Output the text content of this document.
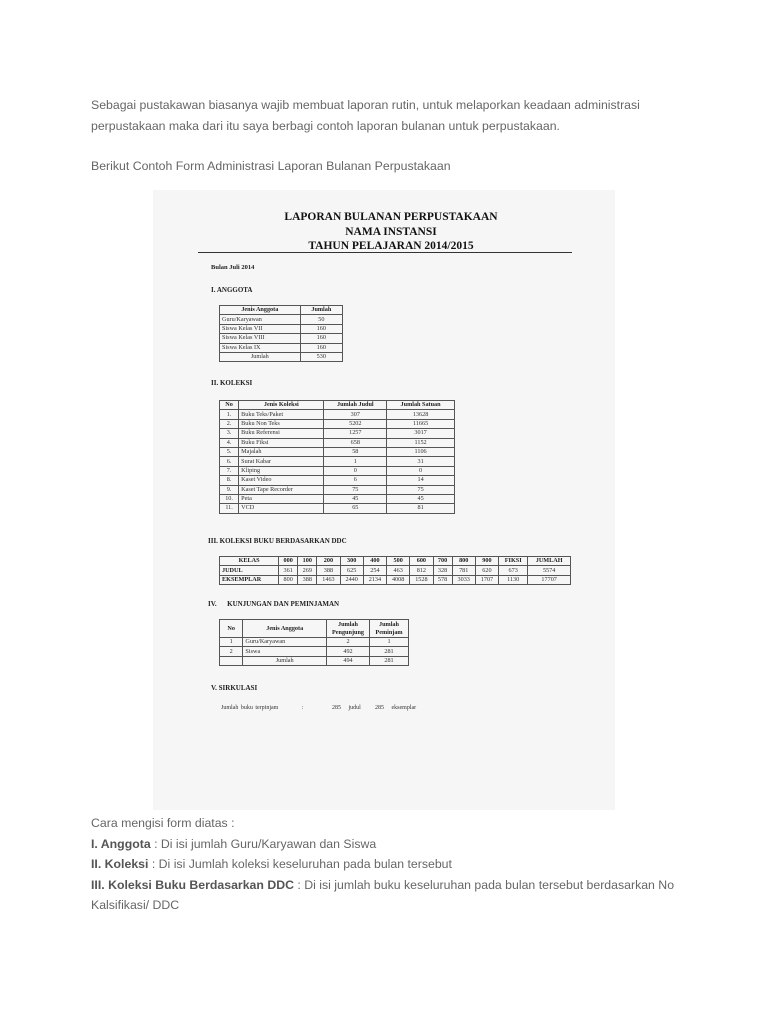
Sebagai pustakawan biasanya wajib membuat laporan rutin, untuk melaporkan keadaan administrasi perpustakaan maka dari itu saya berbagi contoh laporan bulanan untuk perpustakaan.

Berikut Contoh Form Administrasi Laporan Bulanan Perpustakaan

LAPORAN BULANAN PERPUSTAKAAN
NAMA INSTANSI
TAHUN PELAJARAN 2014/2015
Bulan Juli 2014
I. ANGGOTA
Jenis Anggota	Jumlah
Guru/Karyawan	50
Siswa Kelas VII	160
Siswa Kelas VIII	160
Siswa Kelas IX	160
Jumlah	530
II. KOLEKSI
No	Jenis Koleksi	Jumlah Judul	Jumlah Satuan
1.	Buku Teks/Paket	307	13628
2.	Buku Non Teks	5202	11665
3.	Buku Referensi	1257	3017
4.	Buku Fiksi	658	1152
5.	Majalah	58	1106
6.	Surat Kabar	1	31
7.	Kliping	0	0
8.	Kaset Video	6	14
9.	Kaset Tape Recorder	75	75
10.	Peta	45	45
11.	VCD	65	81
III. KOLEKSI BUKU BERDASARKAN DDC
KELAS	000	100	200	300	400	500	600	700	800	900	FIKSI	JUMLAH
JUDUL	361	269	388	625	254	463	812	328	781	620	673	5574
EKSEMPLAR	800	388	1463	2440	2134	4008	1528	578	3033	1707	1130	17707
IV.      KUNJUNGAN DAN PEMINJAMAN
No	Jenis Anggota	Jumlah Pengunjung	Jumlah Peminjam
1	Guru/Karyawan	2	1
2	Siswa	492	281
	Jumlah	494	281
V. SIRKULASI
Jumlah buku terpinjam	:	285 judul 285 eksemplar

Cara mengisi form diatas :

I. Anggota : Di isi jumlah Guru/Karyawan dan Siswa

II. Koleksi : Di isi Jumlah koleksi keseluruhan pada bulan tersebut

III. Koleksi Buku Berdasarkan DDC : Di isi jumlah buku keseluruhan pada bulan tersebut berdasarkan No Kalsifikasi/ DDC
